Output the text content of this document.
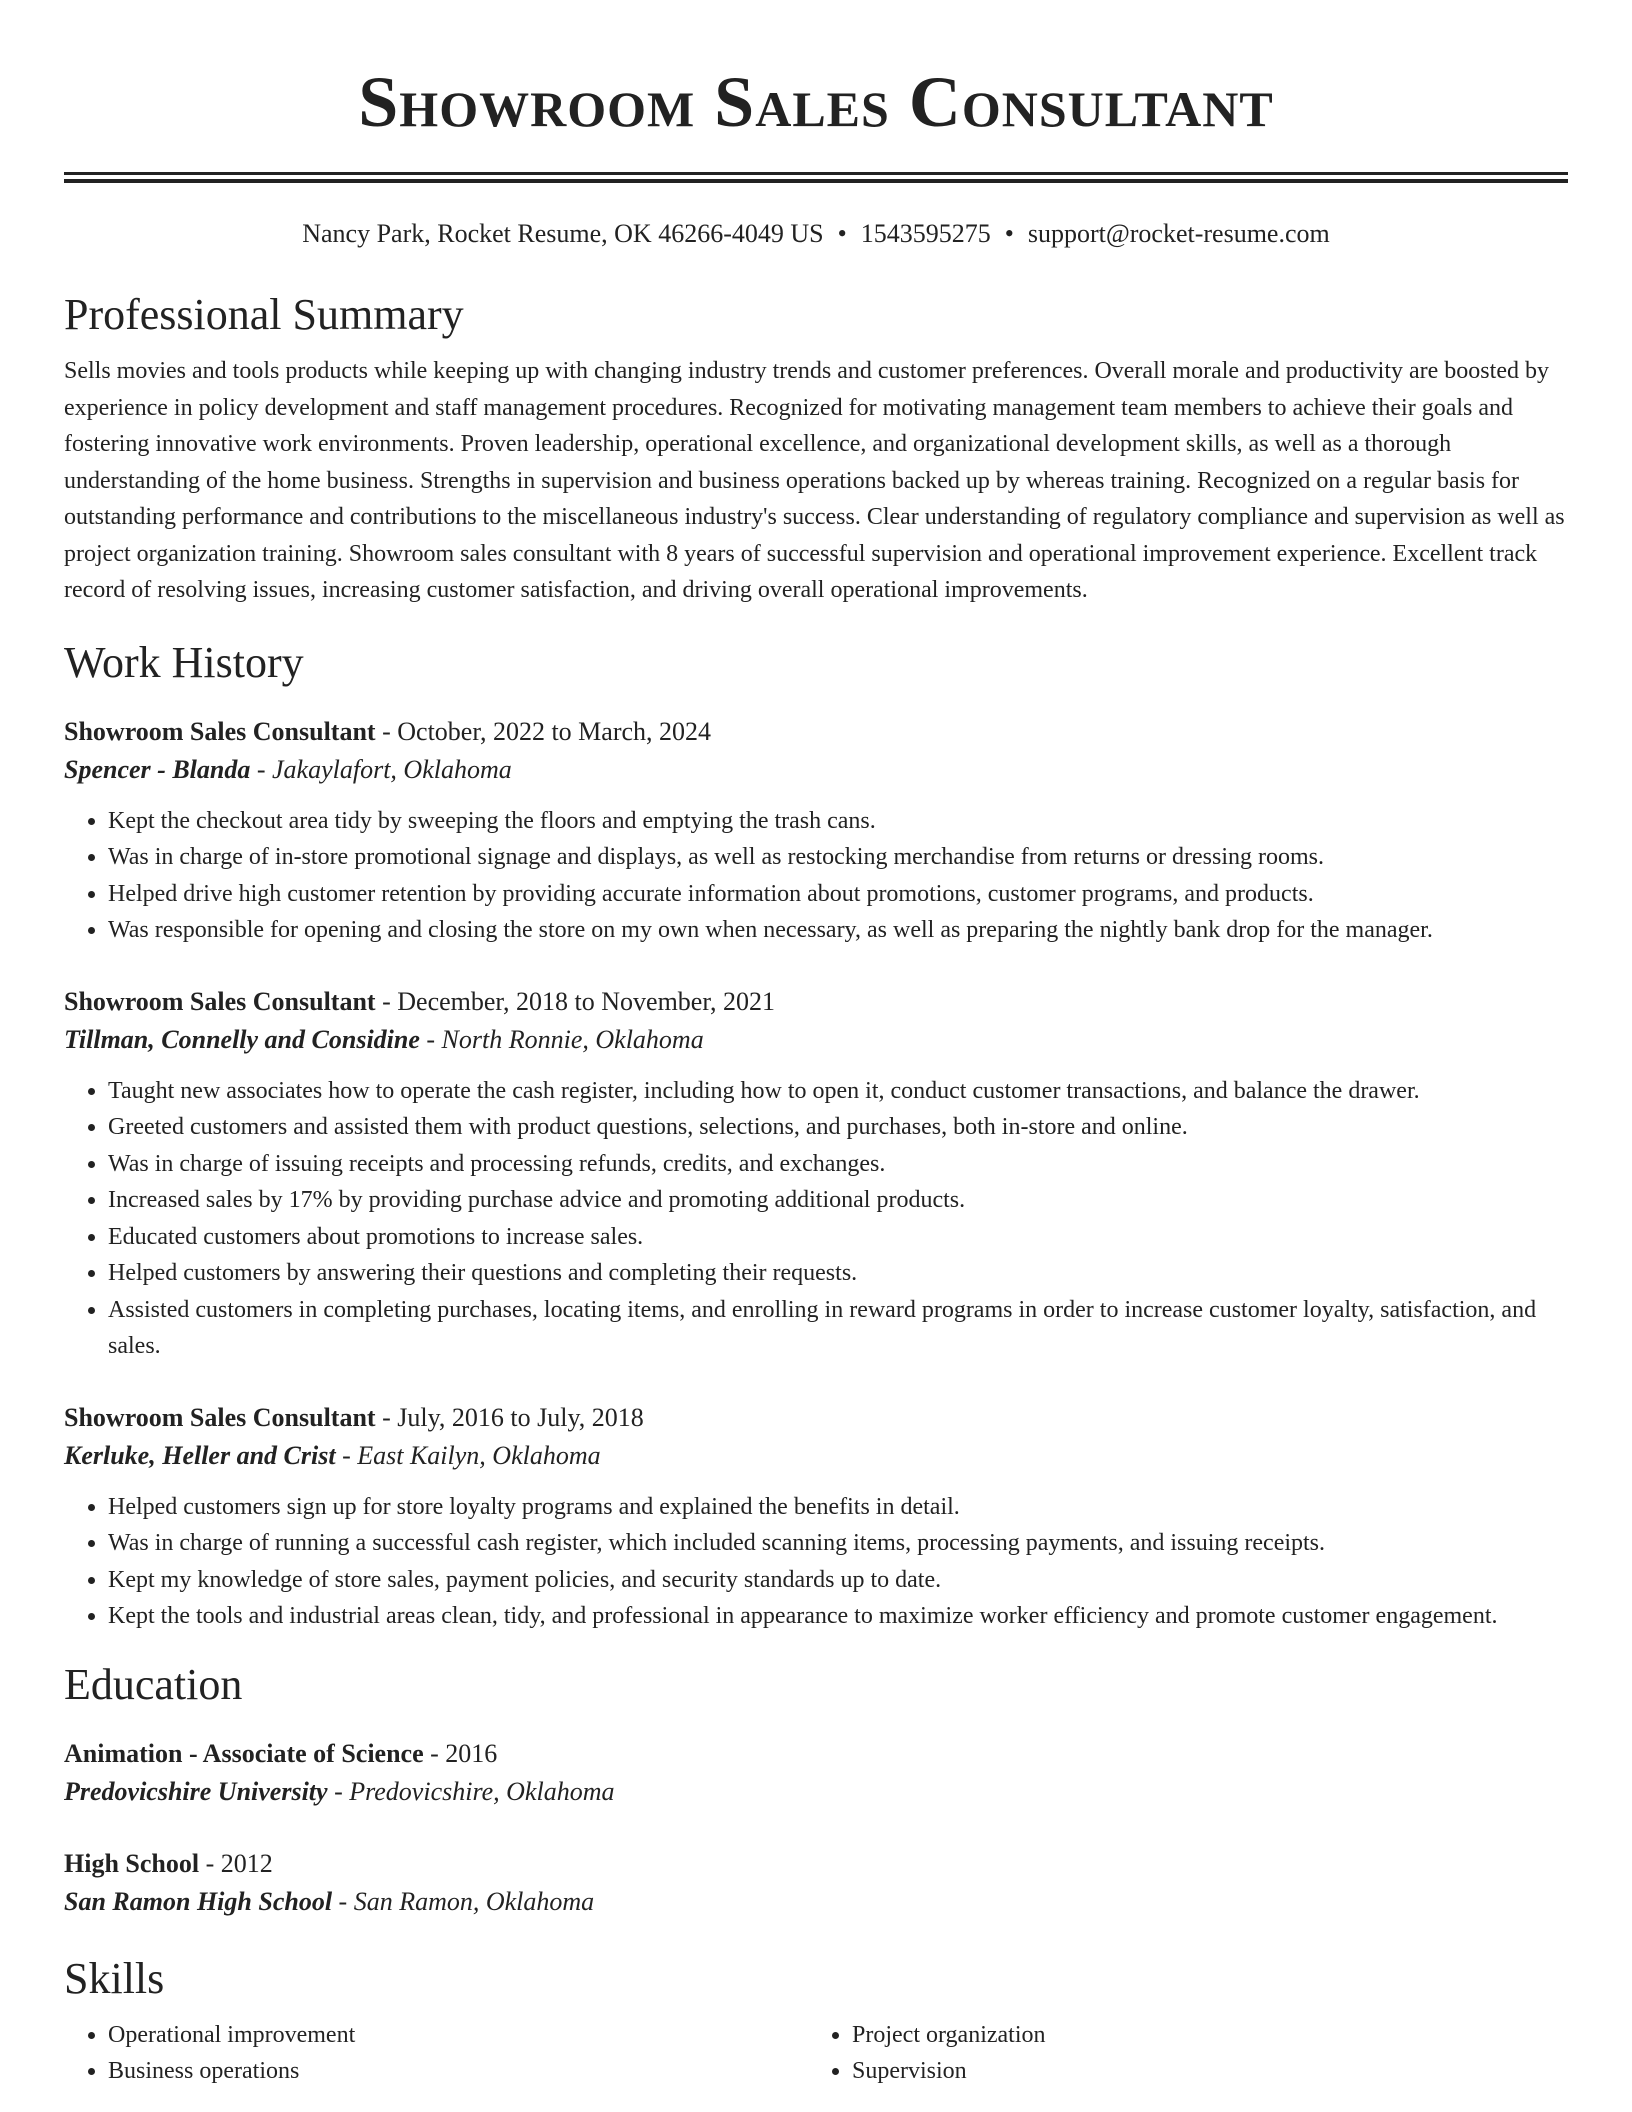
Showroom Sales Consultant
Nancy Park, Rocket Resume, OK 46266-4049 US • 1543595275 • support@rocket-resume.com
Professional Summary

Sells movies and tools products while keeping up with changing industry trends and customer preferences. Overall morale and productivity are boosted by experience in policy development and staff management procedures. Recognized for motivating management team members to achieve their goals and fostering innovative work environments. Proven leadership, operational excellence, and organizational development skills, as well as a thorough understanding of the home business. Strengths in supervision and business operations backed up by whereas training. Recognized on a regular basis for outstanding performance and contributions to the miscellaneous industry's success. Clear understanding of regulatory compliance and supervision as well as project organization training. Showroom sales consultant with 8 years of successful supervision and operational improvement experience. Excellent track record of resolving issues, increasing customer satisfaction, and driving overall operational improvements.

Work History
Showroom Sales Consultant - October, 2022 to March, 2024
Spencer - Blanda - Jakaylafort, Oklahoma
• Kept the checkout area tidy by sweeping the floors and emptying the trash cans.
• Was in charge of in-store promotional signage and displays, as well as restocking merchandise from returns or dressing rooms.
• Helped drive high customer retention by providing accurate information about promotions, customer programs, and products.
• Was responsible for opening and closing the store on my own when necessary, as well as preparing the nightly bank drop for the manager.
Showroom Sales Consultant - December, 2018 to November, 2021
Tillman, Connelly and Considine - North Ronnie, Oklahoma
• Taught new associates how to operate the cash register, including how to open it, conduct customer transactions, and balance the drawer.
• Greeted customers and assisted them with product questions, selections, and purchases, both in-store and online.
• Was in charge of issuing receipts and processing refunds, credits, and exchanges.
• Increased sales by 17% by providing purchase advice and promoting additional products.
• Educated customers about promotions to increase sales.
• Helped customers by answering their questions and completing their requests.
• Assisted customers in completing purchases, locating items, and enrolling in reward programs in order to increase customer loyalty, satisfaction, and sales.
Showroom Sales Consultant - July, 2016 to July, 2018
Kerluke, Heller and Crist - East Kailyn, Oklahoma
• Helped customers sign up for store loyalty programs and explained the benefits in detail.
• Was in charge of running a successful cash register, which included scanning items, processing payments, and issuing receipts.
• Kept my knowledge of store sales, payment policies, and security standards up to date.
• Kept the tools and industrial areas clean, tidy, and professional in appearance to maximize worker efficiency and promote customer engagement.
Education
Animation - Associate of Science - 2016
Predovicshire University - Predovicshire, Oklahoma
High School - 2012
San Ramon High School - San Ramon, Oklahoma
Skills
• Operational improvement
• Business operations
• Project organization
• Supervision
